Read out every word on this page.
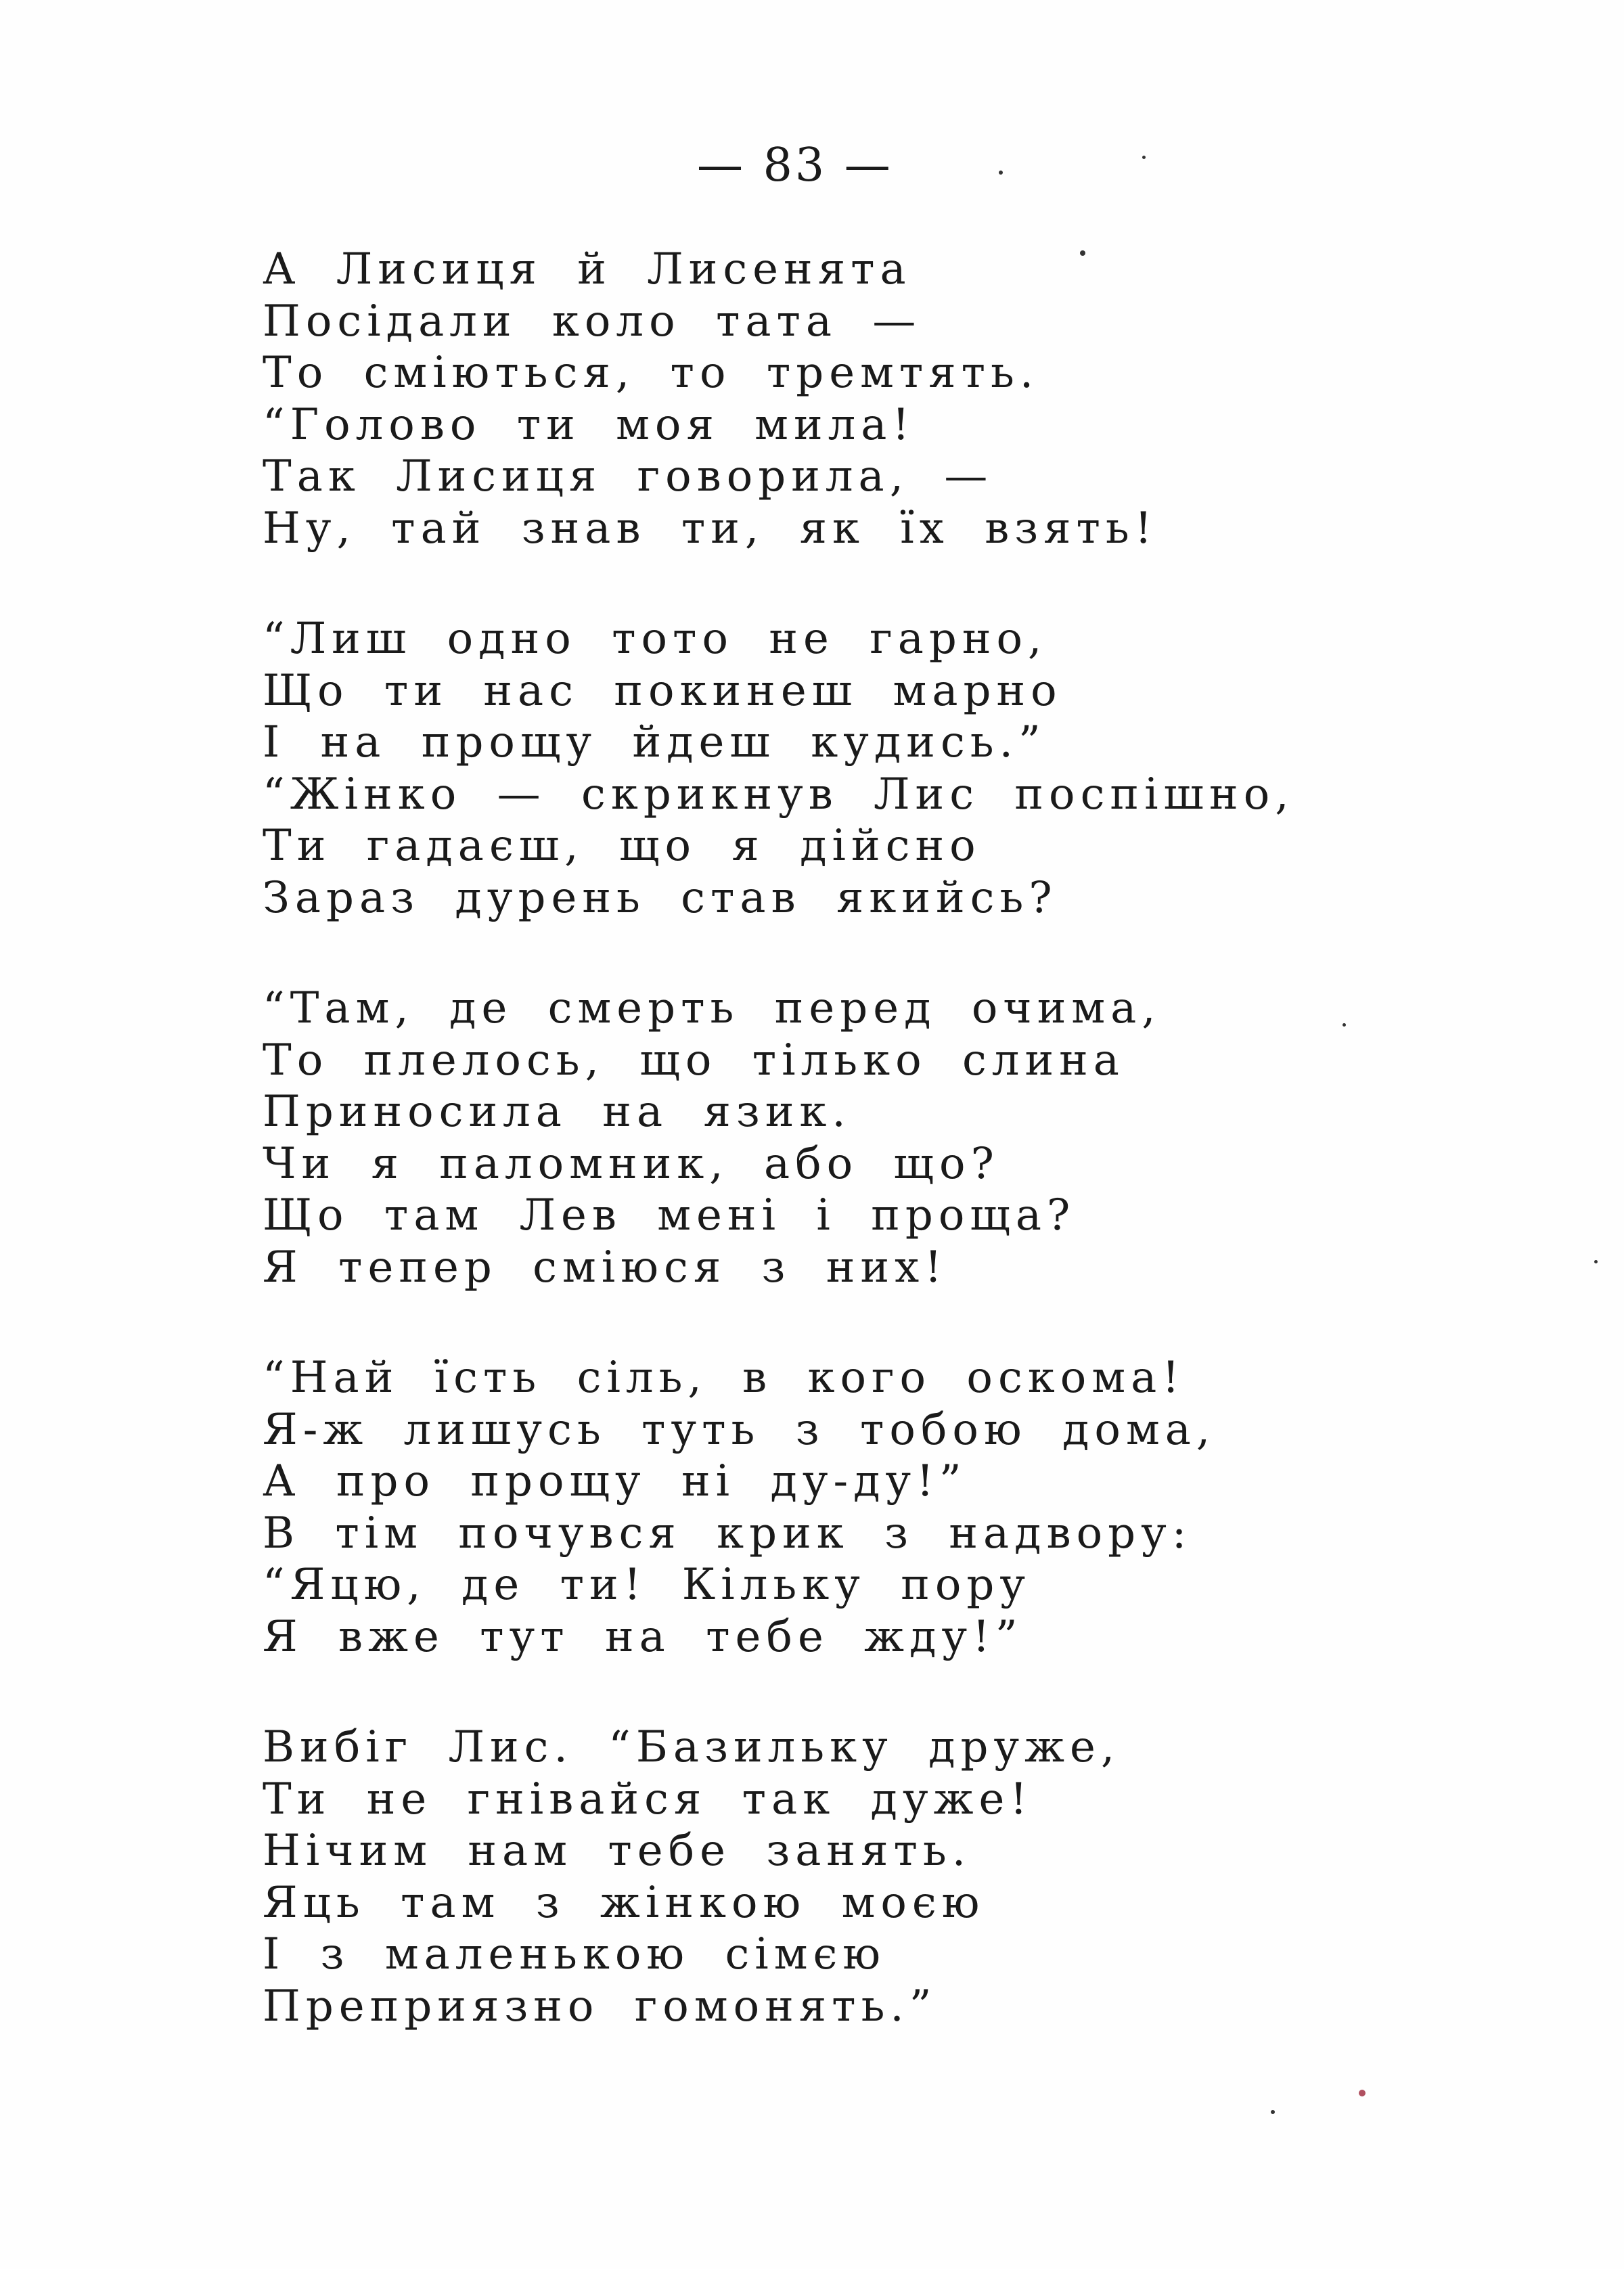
— 83 —
А Лисиця й Лисенята
Посідали коло тата —
То сміються, то тремтять.
“Голово ти моя мила!
Так Лисиця говорила, —
Ну, тай знав ти, як їх взять!
“Лиш одно тото не гарно,
Що ти нас покинеш марно
І на прощу йдеш кудись.”
“Жінко — скрикнув Лис поспішно,
Ти гадаєш, що я дійсно
Зараз дурень став якийсь?
“Там, де смерть перед очима,
То плелось, що тілько слина
Приносила на язик.
Чи я паломник, або що?
Що там Лев мені і проща?
Я тепер сміюся з них!
“Най їсть сіль, в кого оскома!
Я-ж лишусь туть з тобою дома,
А про прощу ні ду-ду!”
В тім почувся крик з надвору:
“Яцю, де ти! Кільку пору
Я вже тут на тебе жду!”
Вибіг Лис. “Базильку друже,
Ти не гнівайся так дуже!
Нічим нам тебе занять.
Яць там з жінкою моєю
І з маленькою сімєю
Преприязно гомонять.”
